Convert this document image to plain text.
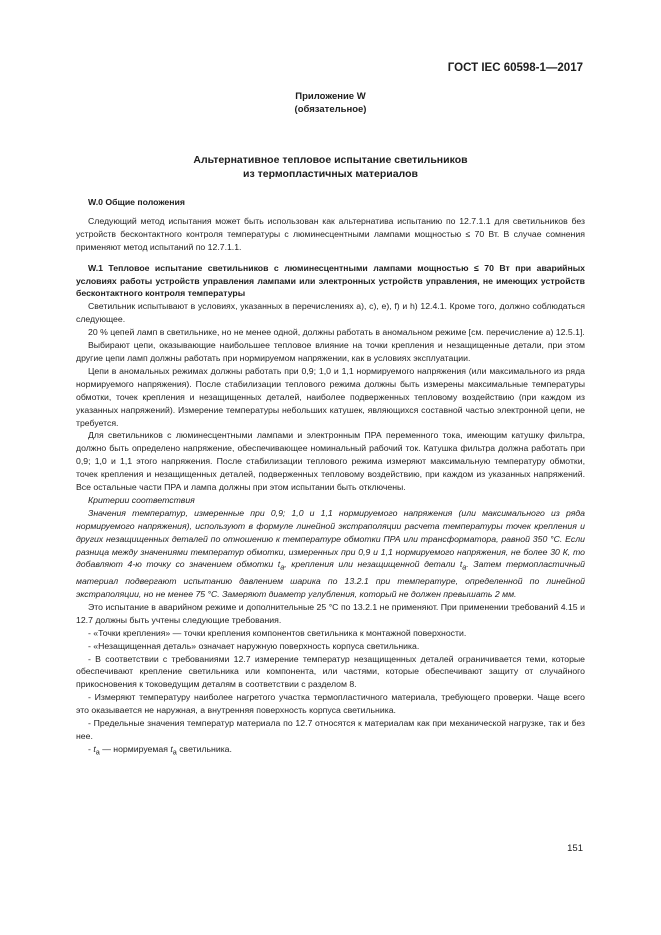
ГОСТ IEC 60598-1—2017
Приложение W
(обязательное)
Альтернативное тепловое испытание светильников
из термопластичных материалов

W.0 Общие положения

Следующий метод испытания может быть использован как альтернатива испытанию по 12.7.1.1 для светильников без устройств бесконтактного контроля температуры с люминесцентными лампами мощностью ≤ 70 Вт. В случае сомнения применяют метод испытаний по 12.7.1.1.

W.1 Тепловое испытание светильников с люминесцентными лампами мощностью ≤ 70 Вт при аварийных условиях работы устройств управления лампами или электронных устройств управления, не имеющих устройств бесконтактного контроля температуры

Светильник испытывают в условиях, указанных в перечислениях a), c), e), f) и h) 12.4.1. Кроме того, должно соблюдаться следующее.

20 % цепей ламп в светильнике, но не менее одной, должны работать в аномальном режиме [см. перечисление a) 12.5.1].

Выбирают цепи, оказывающие наибольшее тепловое влияние на точки крепления и незащищенные детали, при этом другие цепи ламп должны работать при нормируемом напряжении, как в условиях эксплуатации.

Цепи в аномальных режимах должны работать при 0,9; 1,0 и 1,1 нормируемого напряжения (или максимального из ряда нормируемого напряжения). После стабилизации теплового режима должны быть измерены максимальные температуры обмотки, точек крепления и незащищенных деталей, наиболее подверженных тепловому воздействию (при каждом из указанных напряжений). Измерение температуры небольших катушек, являющихся составной частью электронной цепи, не требуется.

Для светильников с люминесцентными лампами и электронным ПРА переменного тока, имеющим катушку фильтра, должно быть определено напряжение, обеспечивающее номинальный рабочий ток. Катушка фильтра должна работать при 0,9; 1,0 и 1,1 этого напряжения. После стабилизации теплового режима измеряют максимальную температуру обмотки, точек крепления и незащищенных деталей, подверженных тепловому воздействию, при каждом из указанных напряжений. Все остальные части ПРА и лампа должны при этом испытании быть отключены.

Критерии соответствия

Значения температур, измеренные при 0,9; 1,0 и 1,1 нормируемого напряжения (или максимального из ряда нормируемого напряжения), используют в формуле линейной экстраполяции расчета температуры точек крепления и других незащищенных деталей по отношению к температуре обмотки ПРА или трансформатора, равной 350 °C. Если разница между значениями температур обмотки, измеренных при 0,9 и 1,1 нормируемого напряжения, не более 30 К, то добавляют 4-ю точку со значением обмотки $t_a$, крепления или незащищенной детали $t_a$. Затем термопластичный материал подвергают испытанию давлением шарика по 13.2.1 при температуре, определенной по линейной экстраполяции, но не менее 75 °C. Замеряют диаметр углубления, который не должен превышать 2 мм.

Это испытание в аварийном режиме и дополнительные 25 °C по 13.2.1 не применяют. При применении требований 4.15 и 12.7 должны быть учтены следующие требования.

- «Точки крепления» — точки крепления компонентов светильника к монтажной поверхности.

- «Незащищенная деталь» означает наружную поверхность корпуса светильника.

- В соответствии с требованиями 12.7 измерение температур незащищенных деталей ограничивается теми, которые обеспечивают крепление светильника или компонента, или частями, которые обеспечивают защиту от случайного прикосновения к токоведущим деталям в соответствии с разделом 8.

- Измеряют температуру наиболее нагретого участка термопластичного материала, требующего проверки. Чаще всего это оказывается не наружная, а внутренняя поверхность корпуса светильника.

- Предельные значения температур материала по 12.7 относятся к материалам как при механической нагрузке, так и без нее.

- $t_a$ — нормируемая $t_a$ светильника.

151
